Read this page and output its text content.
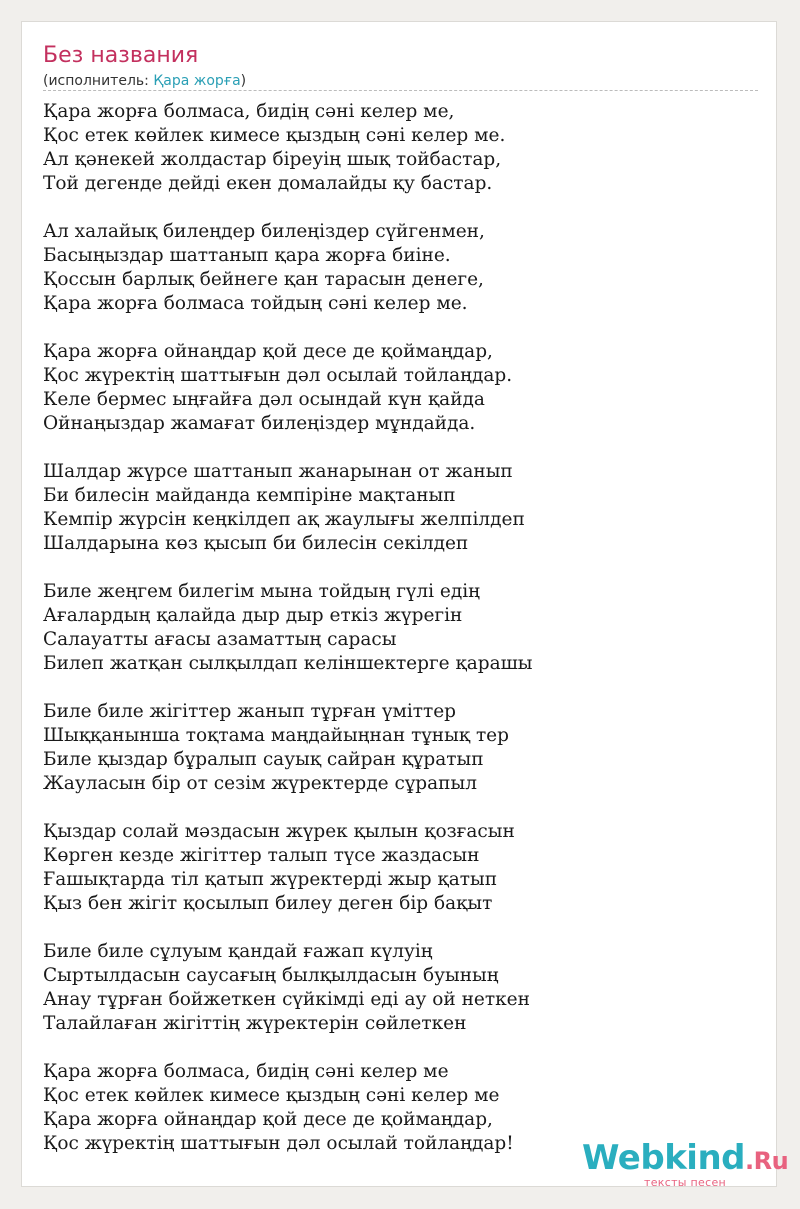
Без названия
(исполнитель: Қара жорға)
Қара жорға болмаса, бидің сәні келер ме,
Қос етек көйлек кимесе қыздың сәні келер ме.
Ал қәнекей жолдастар біреуің шық тойбастар,
Той дегенде дейді екен домалайды қу бастар.
Ал халайық билеңдер билеңіздер сүйгенмен,
Басыңыздар шаттанып қара жорға биіне.
Қоссын барлық бейнеге қан тарасын денеге,
Қара жорға болмаса тойдың сәні келер ме.
Қара жорға ойнаңдар қой десе де қоймаңдар,
Қос жүректің шаттығын дәл осылай тойлаңдар.
Келе бермес ыңғайға дәл осындай күн қайда
Ойнаңыздар жамағат билеңіздер мұндайда.
Шалдар жүрсе шаттанып жанарынан от жанып
Би билесін майданда кемпіріне мақтанып
Кемпір жүрсін кеңкілдеп ақ жаулығы желпілдеп
Шалдарына көз қысып би билесін секілдеп
Биле жеңгем билегім мына тойдың гүлі едің
Ағалардың қалайда дыр дыр еткіз жүрегін
Салауатты ағасы азаматтың сарасы
Билеп жатқан сылқылдап келіншектерге қарашы
Биле биле жігіттер жанып тұрған үміттер
Шыққанынша тоқтама маңдайыңнан тұнық тер
Биле қыздар бұралып сауық сайран құратып
Жауласын бір от сезім жүректерде сұрапыл
Қыздар солай мәздасын жүрек қылын қозғасын
Көрген кезде жігіттер талып түсе жаздасын
Ғашықтарда тіл қатып жүректерді жыр қатып
Қыз бен жігіт қосылып билеу деген бір бақыт
Биле биле сұлуым қандай ғажап күлуің
Сыртылдасын саусағың былқылдасын буының
Анау тұрған бойжеткен сүйкімді еді ау ой неткен
Талайлаған жігіттің жүректерін сөйлеткен
Қара жорға болмаса, бидің сәні келер ме
Қос етек көйлек кимесе қыздың сәні келер ме
Қара жорға ойнаңдар қой десе де қоймаңдар,
Қос жүректің шаттығын дәл осылай тойлаңдар!	Webkind.Ru
тексты песен
